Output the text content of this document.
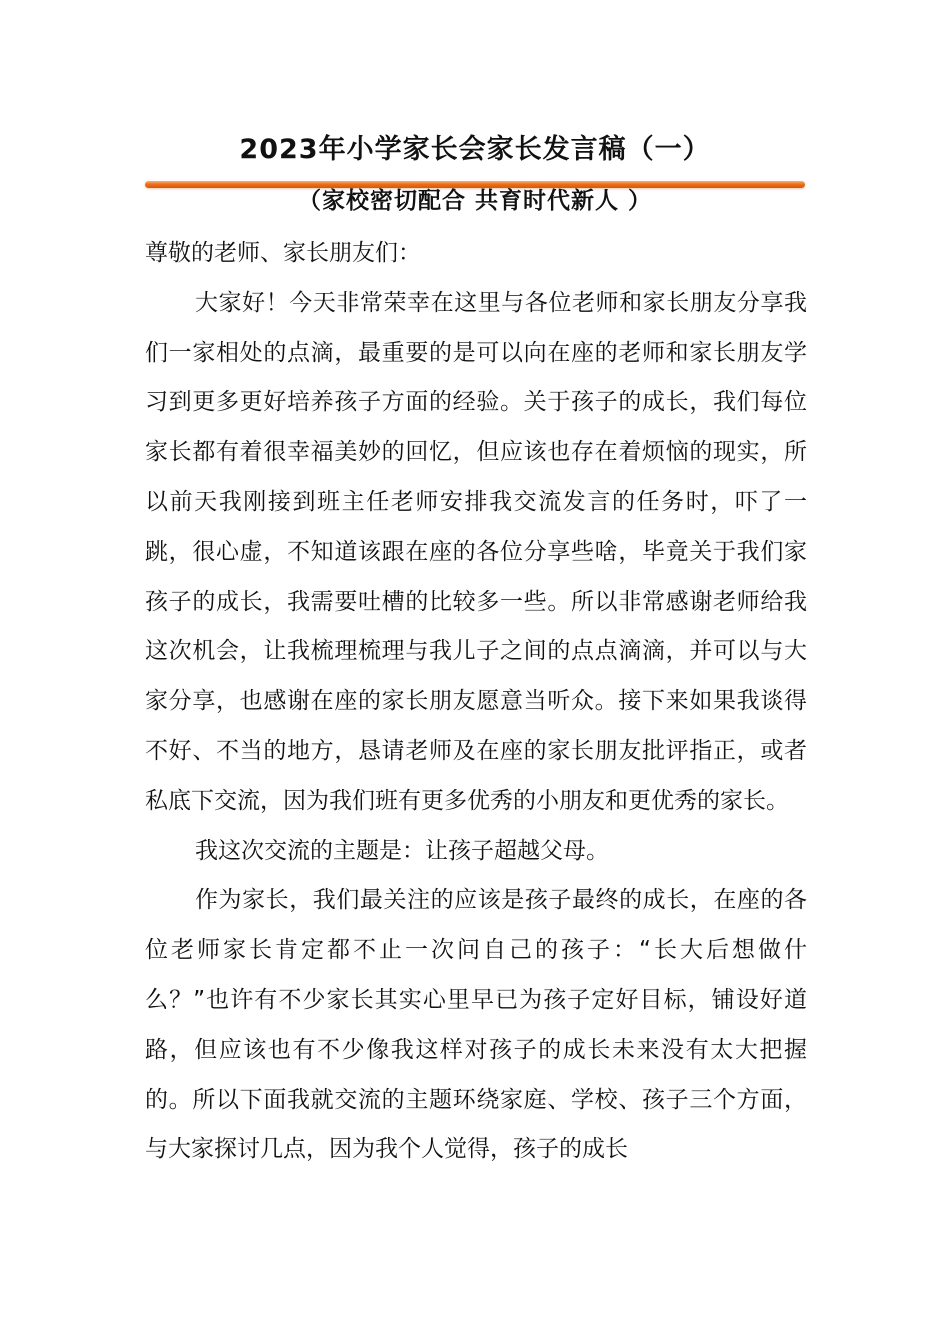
2023年小学家长会家长发言稿（一）
（家校密切配合 共育时代新人 ）

尊敬的老师、家长朋友们：

大家好！今天非常荣幸在这里与各位老师和家长朋友分享我们一家相处的点滴，最重要的是可以向在座的老师和家长朋友学习到更多更好培养孩子方面的经验。关于孩子的成长，我们每位家长都有着很幸福美妙的回忆，但应该也存在着烦恼的现实，所以前天我刚接到班主任老师安排我交流发言的任务时，吓了一跳，很心虚，不知道该跟在座的各位分享些啥，毕竟关于我们家孩子的成长，我需要吐槽的比较多一些。所以非常感谢老师给我这次机会，让我梳理梳理与我儿子之间的点点滴滴，并可以与大家分享，也感谢在座的家长朋友愿意当听众。接下来如果我谈得不好、不当的地方，恳请老师及在座的家长朋友批评指正，或者私底下交流，因为我们班有更多优秀的小朋友和更优秀的家长。

我这次交流的主题是：让孩子超越父母。

作为家长，我们最关注的应该是孩子最终的成长，在座的各位老师家长肯定都不止一次问自己的孩子：“长大后想做什么？”也许有不少家长其实心里早已为孩子定好目标，铺设好道路，但应该也有不少像我这样对孩子的成长未来没有太大把握的。所以下面我就交流的主题环绕家庭、学校、孩子三个方面，与大家探讨几点，因为我个人觉得，孩子的成长
